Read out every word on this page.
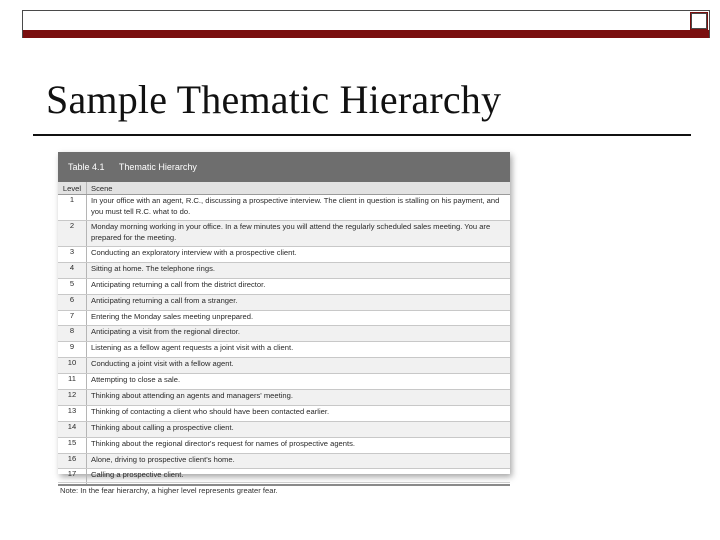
Sample Thematic Hierarchy
Table 4.1 Thematic Hierarchy
Level	Scene
1	In your office with an agent, R.C., discussing a prospective interview. The client in question is stalling on his payment, and you must tell R.C. what to do.
2	Monday morning working in your office. In a few minutes you will attend the regularly scheduled sales meeting. You are prepared for the meeting.
3	Conducting an exploratory interview with a prospective client.
4	Sitting at home. The telephone rings.
5	Anticipating returning a call from the district director.
6	Anticipating returning a call from a stranger.
7	Entering the Monday sales meeting unprepared.
8	Anticipating a visit from the regional director.
9	Listening as a fellow agent requests a joint visit with a client.
10	Conducting a joint visit with a fellow agent.
11	Attempting to close a sale.
12	Thinking about attending an agents and managers' meeting.
13	Thinking of contacting a client who should have been contacted earlier.
14	Thinking about calling a prospective client.
15	Thinking about the regional director's request for names of prospective agents.
16	Alone, driving to prospective client's home.
17	Calling a prospective client.
Note: In the fear hierarchy, a higher level represents greater fear.
